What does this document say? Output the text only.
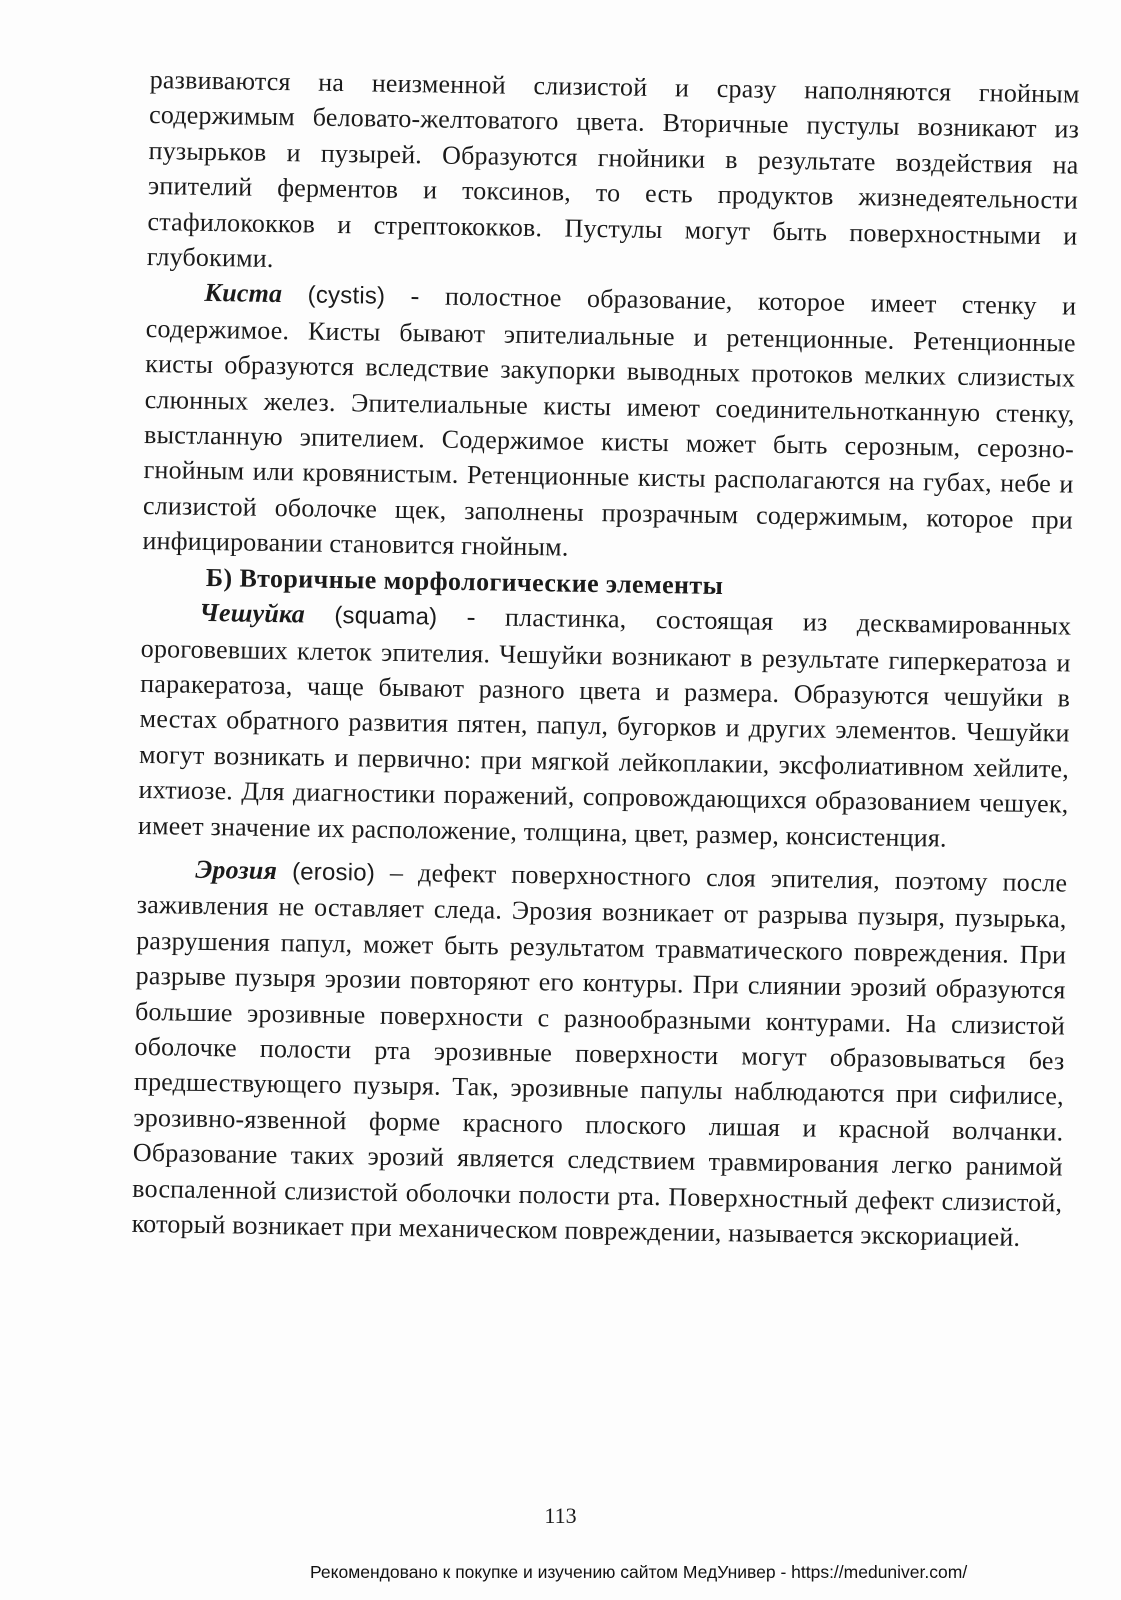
развиваются на неизменной слизистой и сразу наполняются гнойным содержимым беловато-желтоватого цвета. Вторичные пустулы возникают из пузырьков и пузырей. Образуются гнойники в результате воздействия на эпителий ферментов и токсинов, то есть продуктов жизнедеятельности стафилококков и стрептококков. Пустулы могут быть поверхностными и глубокими.

Киста (cystis) - полостное образование, которое имеет стенку и содержимое. Кисты бывают эпителиальные и ретенционные. Ретенционные кисты образуются вследствие закупорки выводных протоков мелких слизистых слюнных желез. Эпителиальные кисты имеют соединительнотканную стенку, выстланную эпителием. Содержимое кисты может быть серозным, серозно-гнойным или кровянистым. Ретенционные кисты располагаются на губах, небе и слизистой оболочке щек, заполнены прозрачным содержимым, которое при инфицировании становится гнойным.

Б) Вторичные морфологические элементы

Чешуйка (squama) - пластинка, состоящая из десквамированных ороговевших клеток эпителия. Чешуйки возникают в результате гиперкератоза и паракератоза, чаще бывают разного цвета и размера. Образуются чешуйки в местах обратного развития пятен, папул, бугорков и других элементов. Чешуйки могут возникать и первично: при мягкой лейкоплакии, эксфолиативном хейлите, ихтиозе. Для диагностики поражений, сопровождающихся образованием чешуек, имеет значение их расположение, толщина, цвет, размер, консистенция.

Эрозия (erosio) – дефект поверхностного слоя эпителия, поэтому после заживления не оставляет следа. Эрозия возникает от разрыва пузыря, пузырька, разрушения папул, может быть результатом травматического повреждения. При разрыве пузыря эрозии повторяют его контуры. При слиянии эрозий образуются большие эрозивные поверхности с разнообразными контурами. На слизистой оболочке полости рта эрозивные поверхности могут образовываться без предшествующего пузыря. Так, эрозивные папулы наблюдаются при сифилисе, эрозивно-язвенной форме красного плоского лишая и красной волчанки. Образование таких эрозий является следствием травмирования легко ранимой воспаленной слизистой оболочки полости рта. Поверхностный дефект слизистой, который возникает при механическом повреждении, называется экскориацией.

113
Рекомендовано к покупке и изучению сайтом МедУнивер - https://meduniver.com/
